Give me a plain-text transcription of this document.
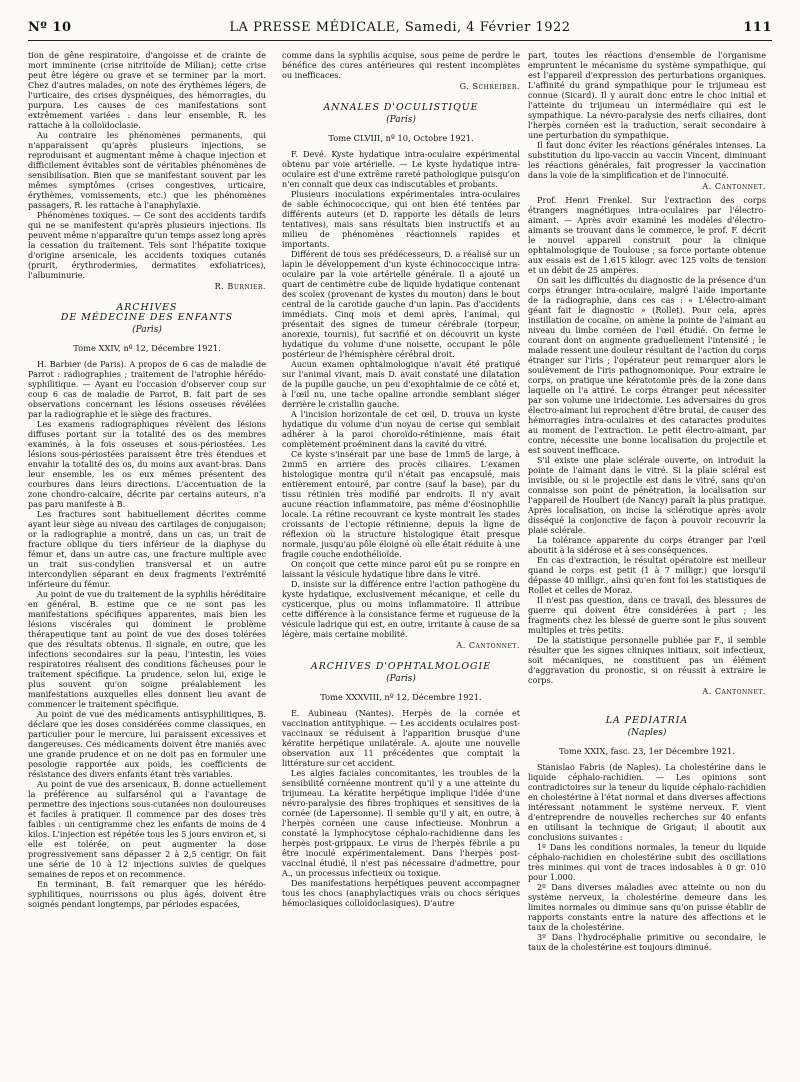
Nº 10	LA PRESSE MÉDICALE, Samedi, 4 Février 1922	111

tion de gêne respiratoire, d'angoisse et de crainte de mort imminente (crise nitritoïde de Milian); cette crise peut être légère ou grave et se terminer par la mort. Chez d'autres malades, on note des érythèmes légers, de l'urticaire, des crises dyspnéiques, des hémorragies, du purpura. Les causes de ces manifestations sont extrêmement variées : dans leur ensemble, R. les rattache à la colloïdoclasie.

Au contraire les phénomènes permanents, qui n'apparaissent qu'après plusieurs injections, se reproduisant et augmentant même à chaque injection et difficilement évitables sont de véritables phénomènes de sensibilisation. Bien que se manifestant souvent par les mêmes symptômes (crises congestives, urticaire, érythèmes, vomissements, etc.) que les phénomènes passagers, R. les rattache à l'anaphylaxie.

Phénomènes toxiques. — Ce sont des accidents tardifs qui ne se manifestent qu'après plusieurs injections. Ils peuvent même n'apparaître qu'un temps assez long après la cessation du traitement. Tels sont l'hépatite toxique d'origine arsenicale, les accidents toxiques cutanés (prurit, érythrodermies, dermatites exfoliatrices), l'albuminurie.

R. Burnier.
ARCHIVES
DE MÉDECINE DES ENFANTS
(Paris)
Tome XXIV, nº 12, Décembre 1921.

H. Barbier (de Paris). A propos de 6 cas de maladie de Parrot : radiographies ; traitement de l'atrophie hérédo-syphilitique. — Ayant eu l'occasion d'observer coup sur coup 6 cas de maladie de Parrot, B. fait part de ses observations concernant les lésions osseuses révélées par la radiographie et le siège des fractures.

Les examens radiographiques révèlent des lésions diffuses portant sur la totalité des os des membres examinés, à la fois osseuses et sous-périostées. Les lésions sous-périostées paraissent être très étendues et envahir la totalité des os, du moins aux avant-bras. Dans leur ensemble, les os eux mêmes présentent des courbures dans leurs directions. L'accentuation de la zone chondro-calcaire, décrite par certains auteurs, n'a pas paru manifeste à B.

Les fractures sont habituellement décrites comme ayant leur siège au niveau des cartilages de conjugaison; or la radiographie a montré, dans un cas, un trait de fracture oblique du tiers inférieur de la diaphyse du fémur et, dans un autre cas, une fracture multiple avec un trait sus-condylien transversal et un autre intercondylien séparant en deux fragments l'extrémité inférieure du fémur.

Au point de vue du traitement de la syphilis héréditaire en général, B. estime que ce ne sont pas les manifestations spécifiques apparentes, mais bien les lésions viscérales qui dominent le problème thérapeutique tant au point de vue des doses tolérées que des résultats obtenus. Il signale, en outre, que les infections secondaires sur la peau, l'intestin, les voies respiratoires réalisent des conditions fâcheuses pour le traitement spécifique. La prudence, selon lui, exige le plus souvent qu'on soigne préalablement les manifestations auxquelles elles donnent lieu avant de commencer le traitement spécifique.

Au point de vue des médicaments antisyphilitiques, B. déclare que les doses considérées comme classiques, en particulier pour le mercure, lui paraissent excessives et dangereuses. Ces médicaments doivent être maniés avec une grande prudence et on ne doit pas en formuler une posologie rapportée aux poids, les coefficients de résistance des divers enfants étant très variables.

Au point de vue des arsenicaux, B. donne actuellement la préférence au sulfarsénol qui a l'avantage de permettre des injections sous-cutanées non douloureuses et faciles à pratiquer. Il commence par des doses très faibles : un centigramme chez les enfants de moins de 4 kilos. L'injection est répétée tous les 5 jours environ et, si elle est tolérée, on peut augmenter la dose progressivement sans dépasser 2 à 2,5 centigr. On fait une série de 10 à 12 injections suivies de quelques semaines de repos et on recommence.

En terminant, B. fait remarquer que les hérédo-syphilitiques, nourrissons ou plus âgés, doivent être soignés pendant longtemps, par périodes espacées,

comme dans la syphilis acquise, sous peine de perdre le bénéfice des cures antérieures qui restent incomplètes ou inefficaces.

G. Schreiber.
ANNALES D'OCULISTIQUE
(Paris)
Tome CLVIII, nº 10, Octobre 1921.

F. Devé. Kyste hydatique intra-oculaire expérimental obtenu par voie artérielle. — Le kyste hydatique intra-oculaire est d'une extrême rareté pathologique puisqu'on n'en connaît que deux cas indiscutables et probants.

Plusieurs inoculations expérimentales intra-oculaires de sable échinococcique, qui ont bien été tentées par différents auteurs (et D. rapporte les détails de leurs tentatives), mais sans résultats bien instructifs et au milieu de phénomènes réactionnels rapides et importants.

Différent de tous ses prédécesseurs, D. a réalisé sur un lapin le développement d'un kyste échinococcique intra-oculaire par la voie artérielle générale. Il a ajouté un quart de centimètre cube de liquide hydatique contenant des scolex (provenant de kystes du mouton) dans le bout central de la carotide gauche d'un lapin. Pas d'accidents immédiats. Cinq mois et demi après, l'animal, qui présentait des signes de tumeur cérébrale (torpeur, anorexie, tournis), fut sacrifié et on découvrit un kyste hydatique du volume d'une noisette, occupant le pôle postérieur de l'hémisphère cérébral droit.

Aucun examen ophtalmologique n'avait été pratiqué sur l'animal vivant, mais D. avait constaté une dilatation de la pupille gauche, un peu d'exophtalmie de ce côté et, à l'œil nu, une tache opaline arrondie semblant siéger derrière le cristallin gauche.

A l'incision horizontale de cet œil, D. trouva un kyste hydatique du volume d'un noyau de cerise qui semblait adhérer à la paroi choroïdo-rétinienne, mais était complètement proéminent dans la cavité du vitré.

Ce kyste s'insérait par une base de 1mm5 de large, à 2mm5 en arrière des procès ciliaires. L'examen histologique montra qu'il n'était pas encapsulé, mais entièrement entouré, par contre (sauf la base), par du tissu rétinien très modifié par endroits. Il n'y avait aucune réaction inflammatoire, pas même d'éosinophilie locale. La rétine recouvrant ce kyste montrait les stades croissants de l'ectopie rétinienne, depuis la ligne de réflexion où la structure histologique était presque normale, jusqu'au pôle éloigné où elle était réduite à une fragile couche endothélioïde.

On conçoit que cette mince paroi eût pu se rompre en laissant la vésicule hydatique libre dans le vitré.

D. insiste sur la différence entre l'action pathogène du kyste hydatique, exclusivement mécanique, et celle du cysticerque, plus ou moins inflammatoire. Il attribue cette différence à la consistance ferme et rugueuse de la vésicule ladrique qui est, en outre, irritante à cause de sa légère, mais certaine mobilité.

A. Cantonnet.
ARCHIVES D'OPHTALMOLOGIE
(Paris)
Tome XXXVIII, nº 12, Décembre 1921.

E. Aubineau (Nantes). Herpès de la cornée et vaccination antityphique. — Les accidents oculaires post-vaccinaux se réduisent à l'apparition brusque d'une kératite herpétique unilatérale. A. ajoute une nouvelle observation aux 11 précédentes que comptait la littérature sur cet accident.

Les algies faciales concomitantes, les troubles de la sensibilité cornéenne montrent qu'il y a une atteinte du trijumeau. La kératite herpétique implique l'idée d'une névro-paralysie des fibres trophiques et sensitives de la cornée (de Lapersonne). Il semble qu'il y ait, en outre, à l'herpès cornéen une cause infectieuse. Monbrun a constaté la lymphocytose céphalo-rachidienne dans les herpès post-grippaux. Le virus de l'herpès fébrile a pu être inoculé expérimentalement. Dans l'herpès post-vaccinal étudié, il n'est pas nécessaire d'admettre, pour A., un processus infectieux ou toxique.

Des manifestations herpétiques peuvent accompagner tous les chocs (anaphylactiques vrais ou chocs sériques hémoclasiques colloïdoclasiques). D'autre

part, toutes les réactions d'ensemble de l'organisme empruntent le mécanisme du système sympathique, qui est l'appareil d'expression des perturbations organiques. L'affinité du grand sympathique pour le trijumeau est connue (Sicard). Il y aurait donc entre le choc initial et l'atteinte du trijumeau un intermédiaire qui est le sympathique. La névro-paralysie des nerfs ciliaires, dont l'herpès cornéen est la traduction, serait secondaire à une perturbation du sympathique.

Il faut donc éviter les réactions générales intenses. La substitution du lipo-vaccin au vaccin Vincent, diminuant les réactions générales, fait progresser la vaccination dans la voie de la simplification et de l'innocuité.

A. Cantonnet.

Prof. Henri Frenkel. Sur l'extraction des corps étrangers magnétiques intra-oculaires par l'électro-aimant. — Après avoir examiné les modèles d'électro-aimants se trouvant dans le commerce, le prof. F. décrit le nouvel appareil construit pour la clinique ophtalmologique de Toulouse ; sa force portante obtenue aux essais est de 1.615 kilogr. avec 125 volts de tension et un débit de 25 ampères.

On sait les difficultés du diagnostic de la présence d'un corps étranger intra-oculaire, malgré l'aide importante de la radiographie, dans ces cas : « L'électro-aimant géant fait le diagnostic » (Rollet). Pour cela, après instillation de cocaïne, on amène la pointe de l'aimant au niveau du limbe cornéen de l'œil étudié. On ferme le courant dont on augmente graduellement l'intensité ; le malade ressent une douleur résultant de l'action du corps étranger sur l'iris ; l'opérateur peut remarquer alors le soulèvement de l'iris pathognomonique. Pour extraire le corps, on pratique une kératotomie près de la zone dans laquelle on l'a attiré. Le corps étranger peut nécessiter par son volume une iridectomie. Les adversaires du gros électro-aimant lui reprochent d'être brutal, de causer des hémorragies intra-oculaires et des cataractes produites au moment de l'extraction. Le petit électro-aimant, par contre, nécessite une bonne localisation du projectile et est souvent inefficace.

S'il existe une plaie sclérale ouverte, on introduit la pointe de l'aimant dans le vitré. Si la plaie scléral est invisible, ou si le projectile est dans le vitré, sans qu'on connaisse son point de pénétration, la localisation sur l'appareil de Houlbert (de Nancy) paraît la plus pratique. Après localisation, on incise la sclérotique après avoir disséqué la conjonctive de façon à pouvoir recouvrir la plaie sclérale.

La tolérance apparente du corps étranger par l'œil aboutit à la sidérose et à ses conséquences.

En cas d'extraction, le résultat opératoire est meilleur quand le corps est petit (1 à 7 milligr.) que lorsqu'il dépasse 40 milligr., ainsi qu'en font foi les statistiques de Rollet et celles de Moraz.

Il n'est pas question, dans ce travail, des blessures de guerre qui doivent être considérées à part ; les fragments chez les blessé de guerre sont le plus souvent multiples et très petits.

De la statistique personnelle publiée par F., il semble résulter que les signes cliniques initiaux, soit infectieux, soit mécaniques, ne constituent pas un élément d'aggravation du pronostic, si on réussit à extraire le corps.

A. Cantonnet.
LA PEDIATRIA
(Naples)
Tome XXIX, fasc. 23, 1er Décembre 1921.

Stanislao Fabris (de Naples). La cholestérine dans le liquide céphalo-rachidien. — Les opinions sont contradictoires sur la teneur du liquide céphalo-rachidien en cholestérine à l'état normal et dans diverses affections intéressant notamment le système nerveux. F. vient d'entreprendre de nouvelles recherches sur 40 enfants en utilisant la technique de Grigaut; il aboutit aux conclusions suivantes :

1º Dans les conditions normales, la teneur du liquide céphalo-rachidien en cholestérine subit des oscillations très minimes qui vont de traces indosables à 0 gr. 010 pour 1.000.

2º Dans diverses maladies avec atteinte ou non du système nerveux, la cholestérine demeure dans les limites normales ou diminue sans qu'on puisse établir de rapports constants entre la nature des affections et le taux de la cholestérine.

3º Dans l'hydrocéphalie primitive ou secondaire, le taux de la cholestérine est toujours diminué.
